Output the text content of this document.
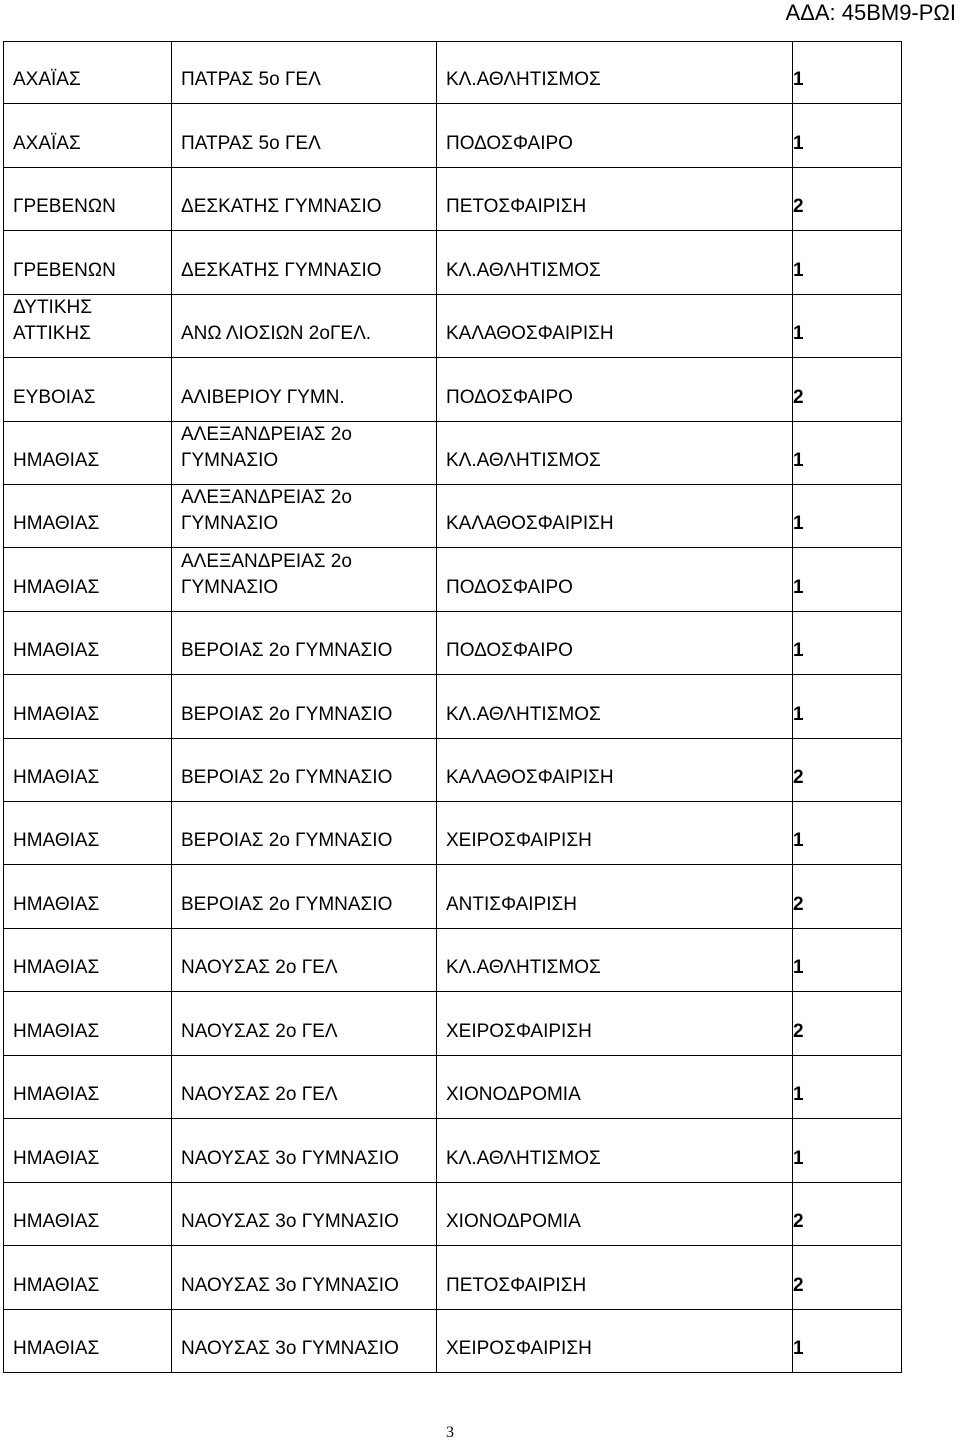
ΑΔΑ: 45ΒΜ9-ΡΩΙ

ΑΧΑΪΑΣ	ΠΑΤΡΑΣ 5ο ΓΕΛ	ΚΛ.ΑΘΛΗΤΙΣΜΟΣ	1
ΑΧΑΪΑΣ	ΠΑΤΡΑΣ 5ο ΓΕΛ	ΠΟΔΟΣΦΑΙΡΟ	1
ΓΡΕΒΕΝΩΝ	ΔΕΣΚΑΤΗΣ ΓΥΜΝΑΣΙΟ	ΠΕΤΟΣΦΑΙΡΙΣΗ	2
ΓΡΕΒΕΝΩΝ	ΔΕΣΚΑΤΗΣ ΓΥΜΝΑΣΙΟ	ΚΛ.ΑΘΛΗΤΙΣΜΟΣ	1
ΔΥΤΙΚΗΣ ΑΤΤΙΚΗΣ	ΑΝΩ ΛΙΟΣΙΩΝ 2οΓΕΛ.	ΚΑΛΑΘΟΣΦΑΙΡΙΣΗ	1
ΕΥΒΟΙΑΣ	ΑΛΙΒΕΡΙΟΥ ΓΥΜΝ.	ΠΟΔΟΣΦΑΙΡΟ	2
ΗΜΑΘΙΑΣ	ΑΛΕΞΑΝΔΡΕΙΑΣ 2ο ΓΥΜΝΑΣΙΟ	ΚΛ.ΑΘΛΗΤΙΣΜΟΣ	1
ΗΜΑΘΙΑΣ	ΑΛΕΞΑΝΔΡΕΙΑΣ 2ο ΓΥΜΝΑΣΙΟ	ΚΑΛΑΘΟΣΦΑΙΡΙΣΗ	1
ΗΜΑΘΙΑΣ	ΑΛΕΞΑΝΔΡΕΙΑΣ 2ο ΓΥΜΝΑΣΙΟ	ΠΟΔΟΣΦΑΙΡΟ	1
ΗΜΑΘΙΑΣ	ΒΕΡΟΙΑΣ 2ο ΓΥΜΝΑΣΙΟ	ΠΟΔΟΣΦΑΙΡΟ	1
ΗΜΑΘΙΑΣ	ΒΕΡΟΙΑΣ 2ο ΓΥΜΝΑΣΙΟ	ΚΛ.ΑΘΛΗΤΙΣΜΟΣ	1
ΗΜΑΘΙΑΣ	ΒΕΡΟΙΑΣ 2ο ΓΥΜΝΑΣΙΟ	ΚΑΛΑΘΟΣΦΑΙΡΙΣΗ	2
ΗΜΑΘΙΑΣ	ΒΕΡΟΙΑΣ 2ο ΓΥΜΝΑΣΙΟ	ΧΕΙΡΟΣΦΑΙΡΙΣΗ	1
ΗΜΑΘΙΑΣ	ΒΕΡΟΙΑΣ 2ο ΓΥΜΝΑΣΙΟ	ΑΝΤΙΣΦΑΙΡΙΣΗ	2
ΗΜΑΘΙΑΣ	ΝΑΟΥΣΑΣ 2ο ΓΕΛ	ΚΛ.ΑΘΛΗΤΙΣΜΟΣ	1
ΗΜΑΘΙΑΣ	ΝΑΟΥΣΑΣ 2ο ΓΕΛ	ΧΕΙΡΟΣΦΑΙΡΙΣΗ	2
ΗΜΑΘΙΑΣ	ΝΑΟΥΣΑΣ 2ο ΓΕΛ	ΧΙΟΝΟΔΡΟΜΙΑ	1
ΗΜΑΘΙΑΣ	ΝΑΟΥΣΑΣ 3ο ΓΥΜΝΑΣΙΟ	ΚΛ.ΑΘΛΗΤΙΣΜΟΣ	1
ΗΜΑΘΙΑΣ	ΝΑΟΥΣΑΣ 3ο ΓΥΜΝΑΣΙΟ	ΧΙΟΝΟΔΡΟΜΙΑ	2
ΗΜΑΘΙΑΣ	ΝΑΟΥΣΑΣ 3ο ΓΥΜΝΑΣΙΟ	ΠΕΤΟΣΦΑΙΡΙΣΗ	2
ΗΜΑΘΙΑΣ	ΝΑΟΥΣΑΣ 3ο ΓΥΜΝΑΣΙΟ	ΧΕΙΡΟΣΦΑΙΡΙΣΗ	1
3
